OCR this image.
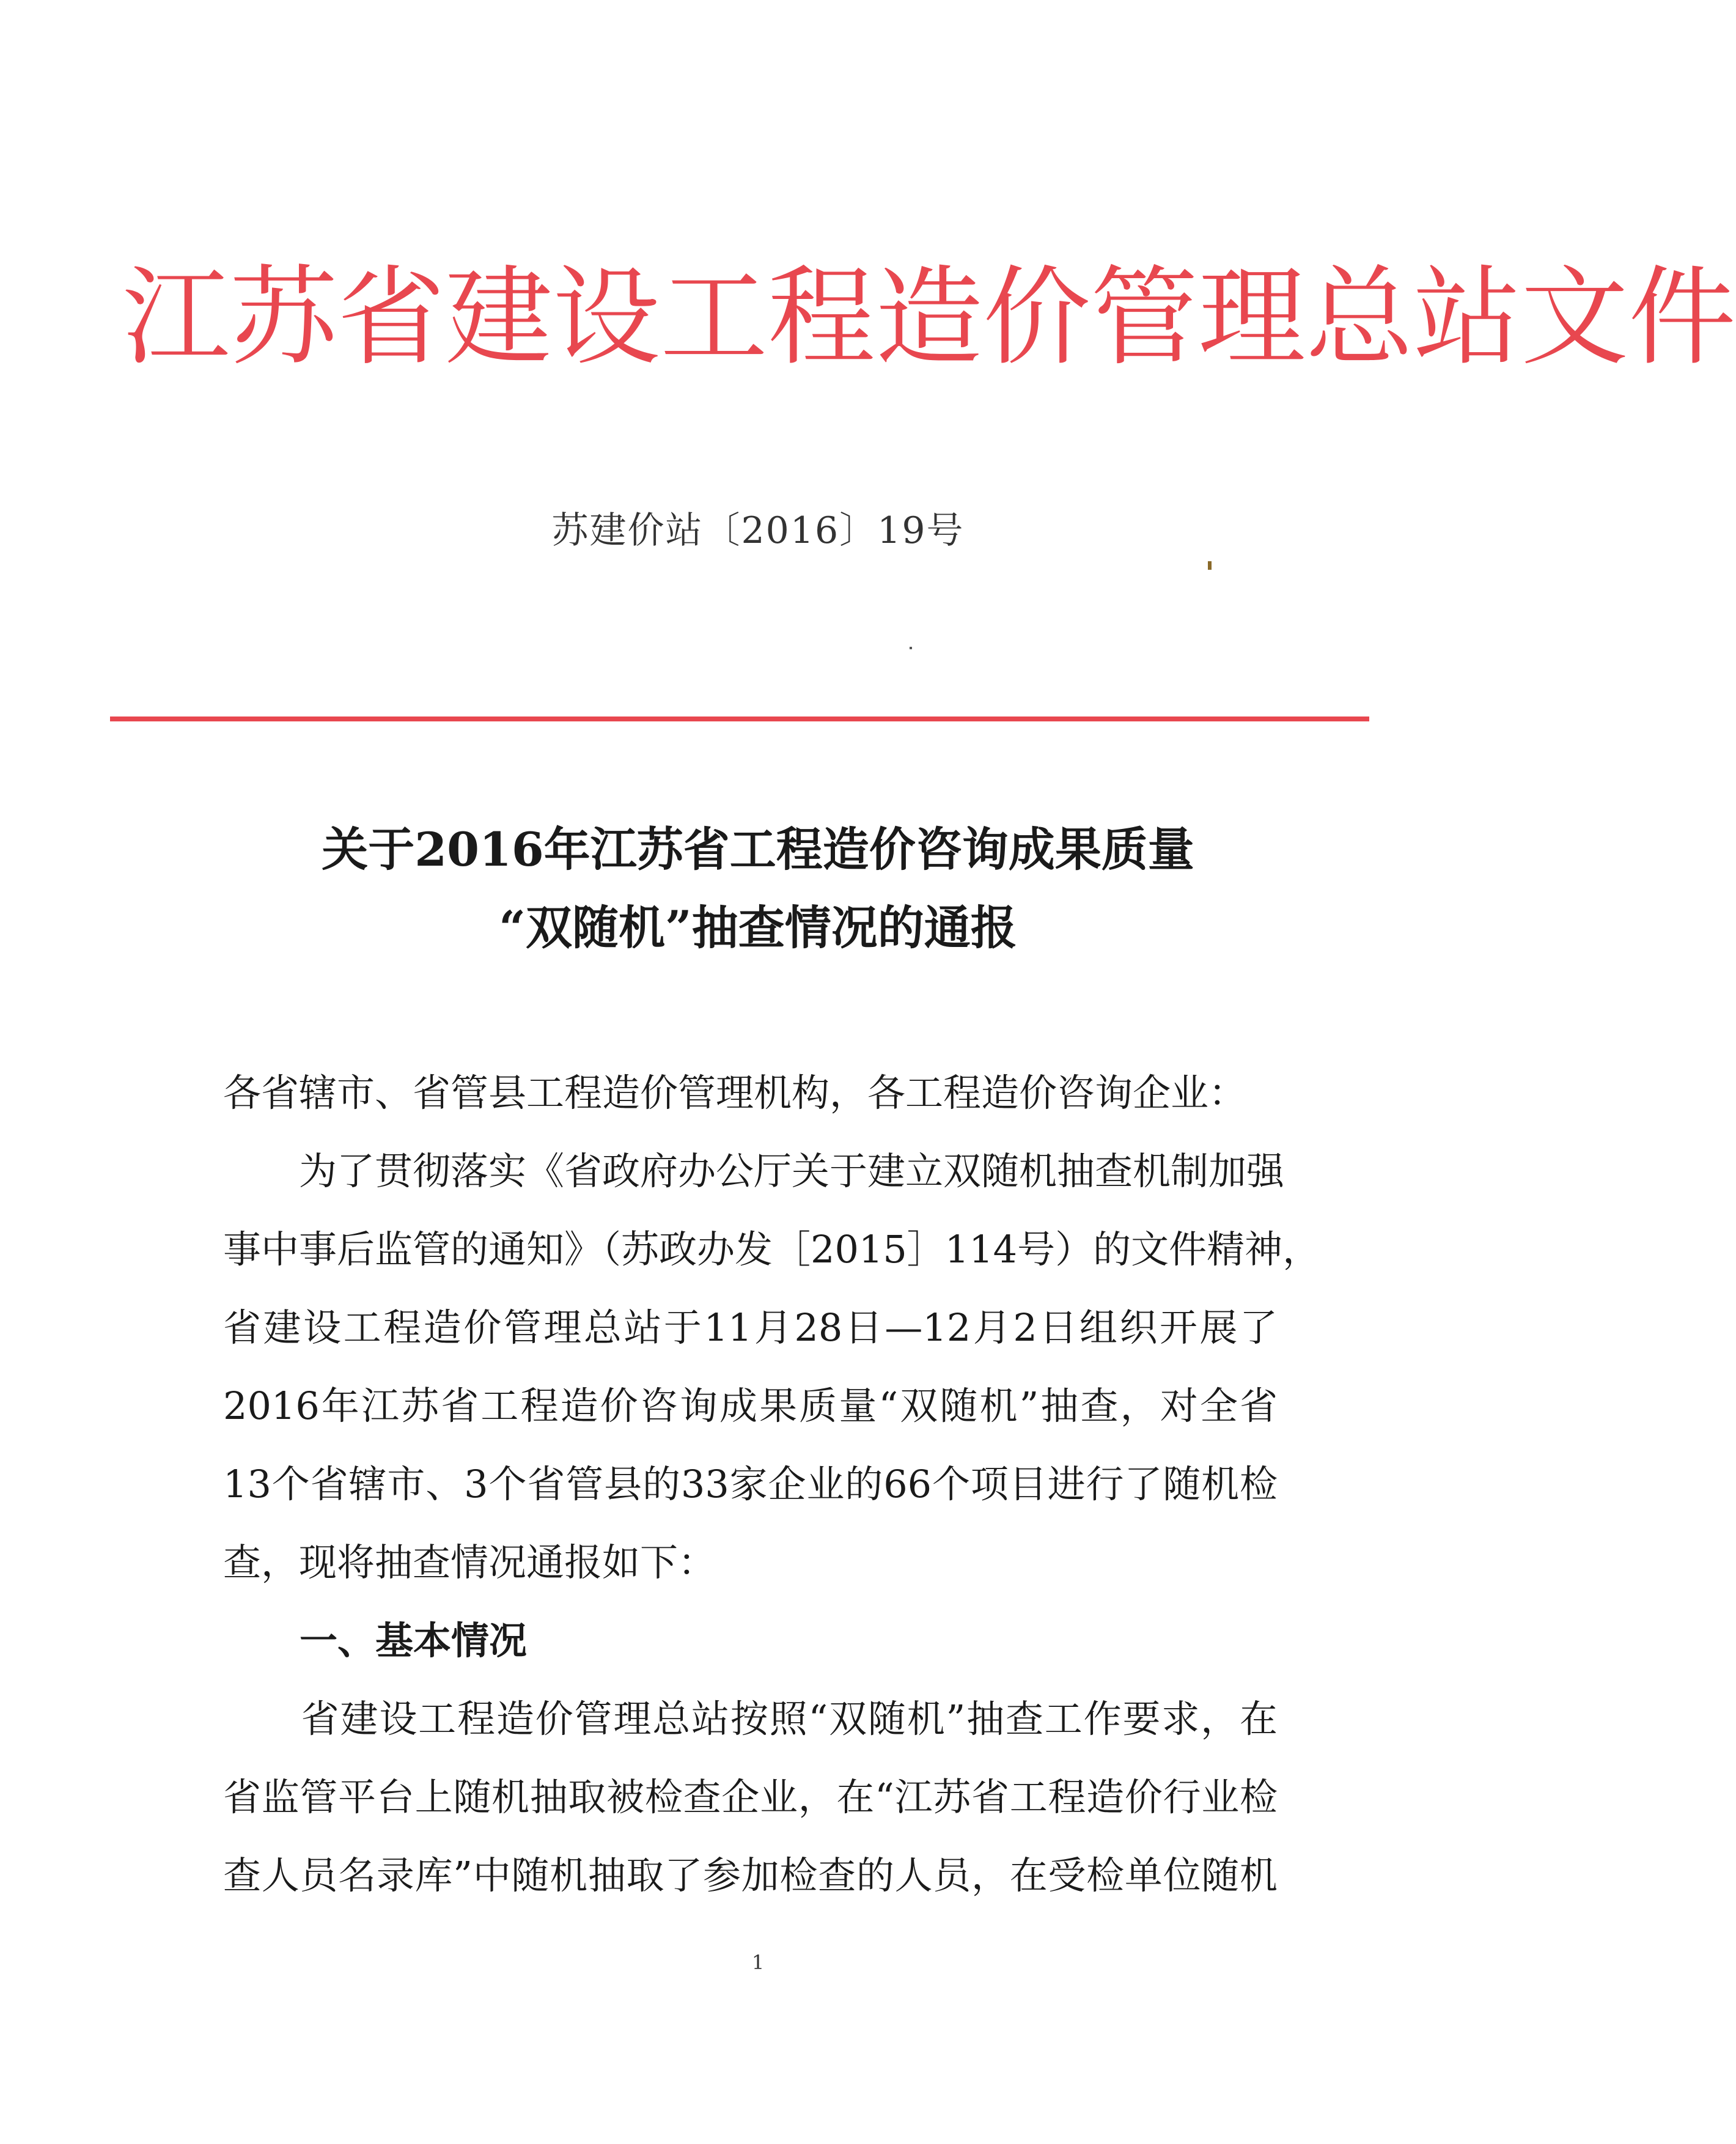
江苏省建设工程造价管理总站文件
苏建价站〔2016〕19号
关于2016年江苏省工程造价咨询成果质量
“双随机”抽查情况的通报
各省辖市、省管县工程造价管理机构，各工程造价咨询企业：
　　为了贯彻落实《省政府办公厅关于建立双随机抽查机制加强
事中事后监管的通知》（苏政办发［2015］114号）的文件精神，
省建设工程造价管理总站于11月28日—12月2日组织开展了
2016年江苏省工程造价咨询成果质量“双随机”抽查，对全省
13个省辖市、3个省管县的33家企业的66个项目进行了随机检
查，现将抽查情况通报如下：
一、基本情况
　　省建设工程造价管理总站按照“双随机”抽查工作要求，在
省监管平台上随机抽取被检查企业，在“江苏省工程造价行业检
查人员名录库”中随机抽取了参加检查的人员，在受检单位随机
1
